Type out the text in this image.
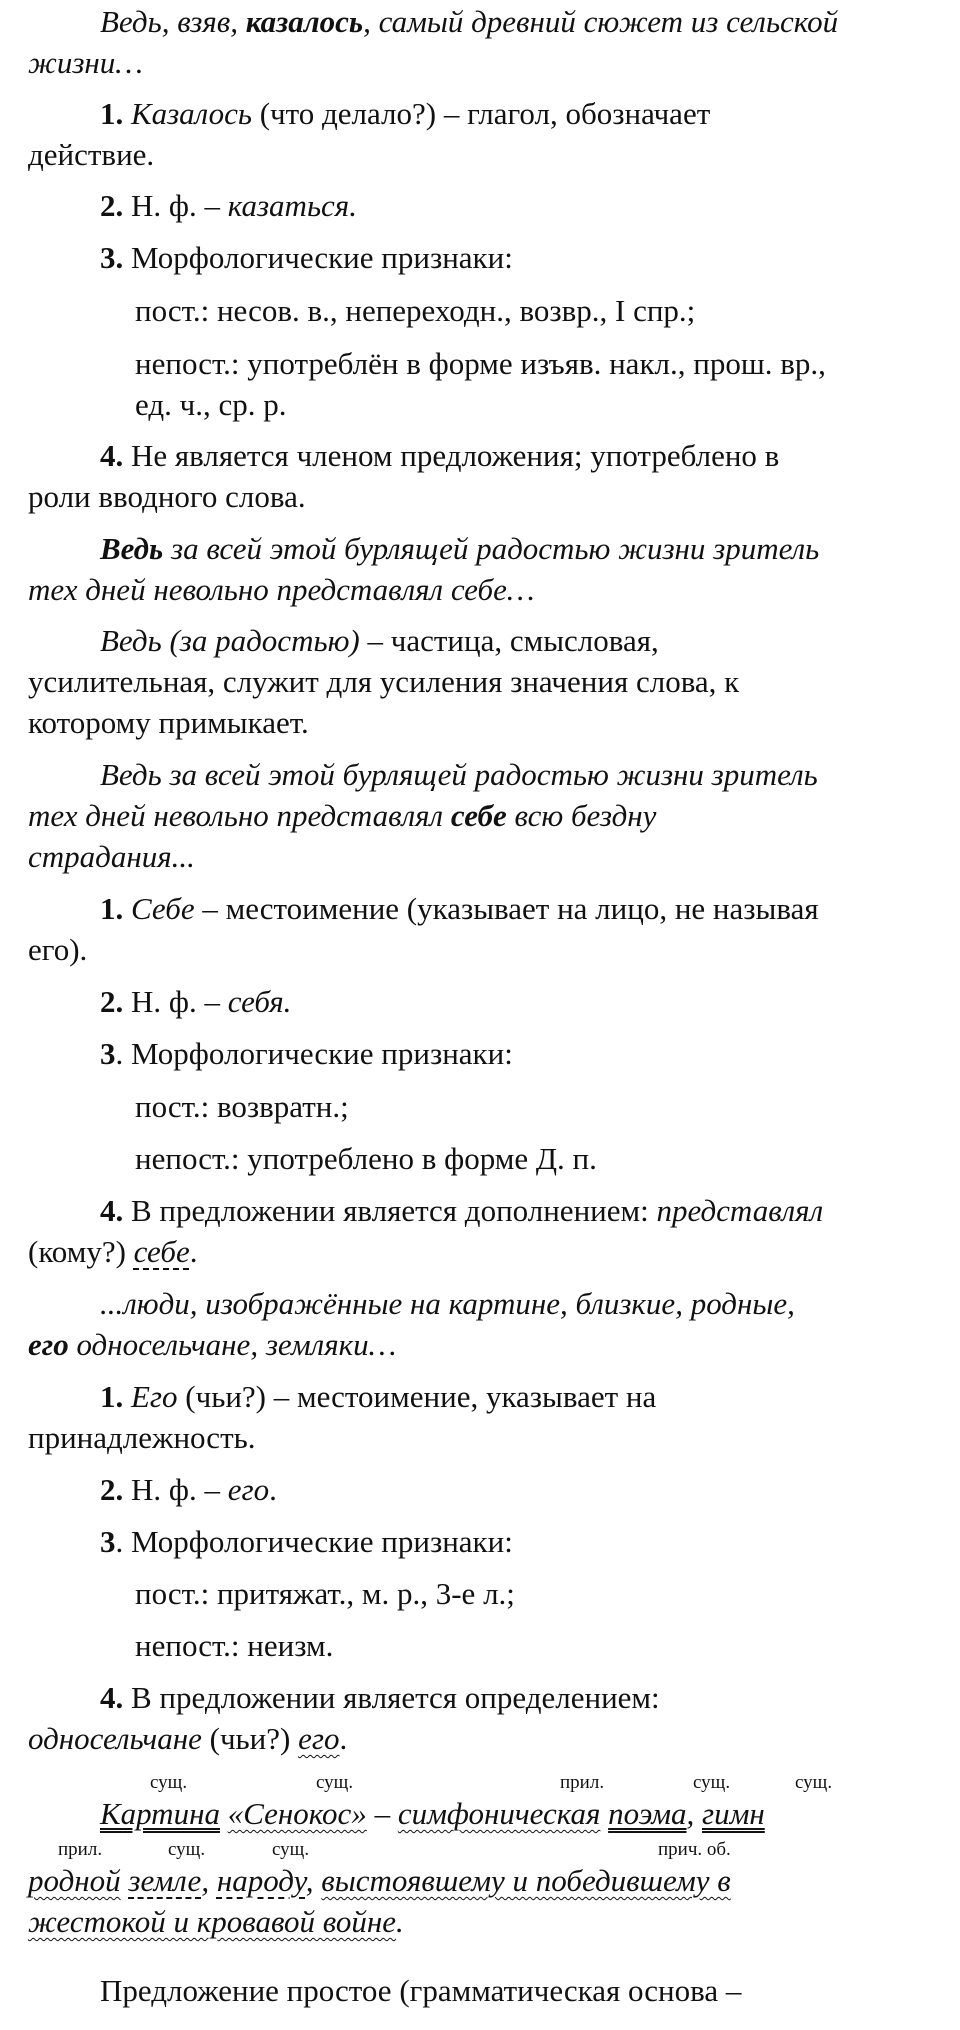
Ведь, взяв, казалось, самый древний сюжет из сельской

жизни…

1. Казалось (что делало?) – глагол, обозначает

действие.

2. Н. ф. – казаться.

3. Морфологические признаки:

пост.: несов. в., непереходн., возвр., I спр.;

непост.: употреблён в форме изъяв. накл., прош. вр.,

ед. ч., ср. р.

4. Не является членом предложения; употреблено в

роли вводного слова.

Ведь за всей этой бурлящей радостью жизни зритель

тех дней невольно представлял себе…

Ведь (за радостью) – частица, смысловая,

усилительная, служит для усиления значения слова, к

которому примыкает.

Ведь за всей этой бурлящей радостью жизни зритель

тех дней невольно представлял себе всю бездну

страдания...

1. Себе – местоимение (указывает на лицо, не называя

его).

2. Н. ф. – себя.

3. Морфологические признаки:

пост.: возвратн.;

непост.: употреблено в форме Д. п.

4. В предложении является дополнением: представлял

(кому?) себе.

...люди, изображённые на картине, близкие, родные,

его односельчане, земляки…

1. Его (чьи?) – местоимение, указывает на

принадлежность.

2. Н. ф. – его.

3. Морфологические признаки:

пост.: притяжат., м. р., 3-е л.;

непост.: неизм.

4. В предложении является определением:

односельчане (чьи?) его.

сущ.	сущ.	прил.	сущ.	сущ.

Картина «Сенокос» – симфоническая поэма, гимн

прил.	сущ.	сущ.	прич. об.

родной земле, народу, выстоявшему и победившему в

жестокой и кровавой войне.

Предложение простое (грамматическая основа –
